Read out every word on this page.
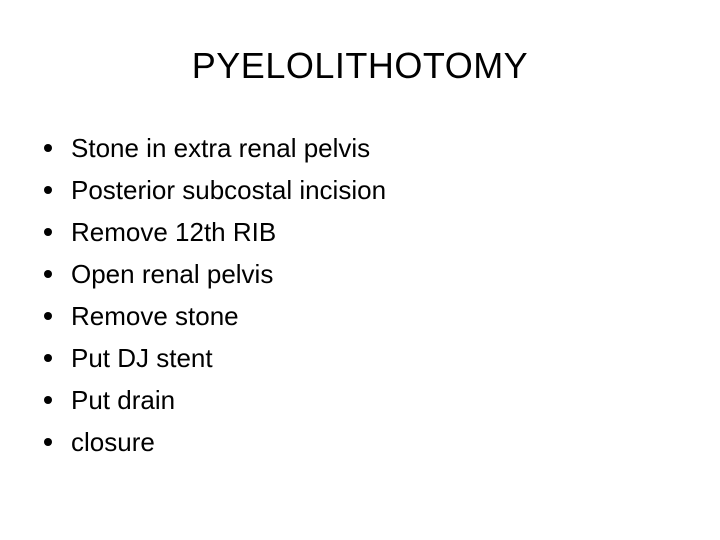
PYELOLITHOTOMY
Stone in extra renal pelvis
Posterior subcostal incision
Remove 12th RIB
Open renal pelvis
Remove stone
Put DJ stent
Put drain
closure
